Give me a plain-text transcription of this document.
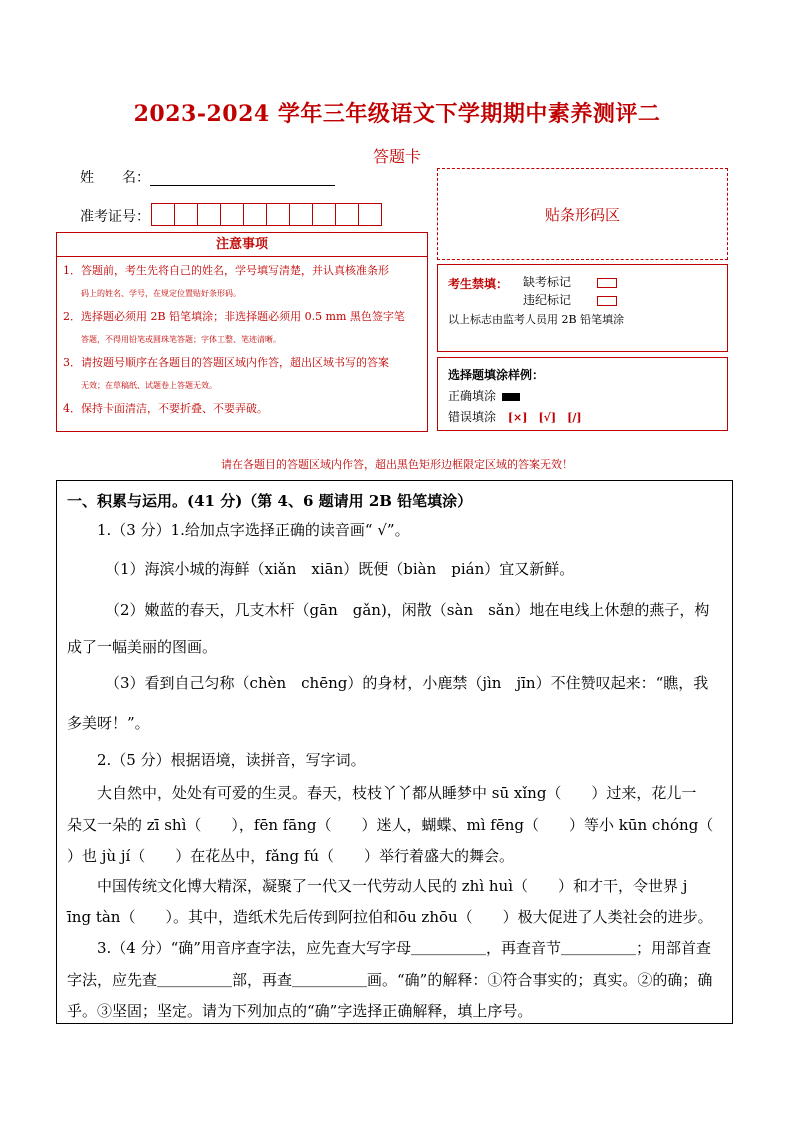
2023-2024 学年三年级语文下学期期中素养测评二
答题卡
姓　　名：
准考证号：	贴条形码区
注意事项
1．答题前，考生先将自己的姓名，学号填写清楚，并认真核准条形
码上的姓名、学号，在规定位置贴好条形码。
2．选择题必须用 2B 铅笔填涂；非选择题必须用 0.5 mm 黑色签字笔
答题，不得用铅笔或圆珠笔答题；字体工整、笔迹清晰。
3．请按题号顺序在各题目的答题区域内作答，超出区域书写的答案
无效；在草稿纸、试题卷上答题无效。
4．保持卡面清洁，不要折叠、不要弄破。
考生禁填： 缺考标记
违纪标记
以上标志由监考人员用 2B 铅笔填涂
选择题填涂样例：
正确填涂
错误填涂 [×]　[√]　[/]
请在各题目的答题区域内作答，超出黑色矩形边框限定区域的答案无效！
一、积累与运用。(41 分)（第 4、6 题请用 2B 铅笔填涂）
1.（3 分）1.给加点字选择正确的读音画“ √”。
（1）海滨小城的海鲜（xiǎn　xiān）既便（biàn　pián）宜又新鲜。
（2）嫩蓝的春天，几支木杆（gān　gǎn)，闲散（sàn　sǎn）地在电线上休憩的燕子，构
成了一幅美丽的图画。
（3）看到自己匀称（chèn　chēng）的身材，小鹿禁（jìn　jīn）不住赞叹起来：“瞧，我
多美呀！”。
2.（5 分）根据语境，读拼音，写字词。
大自然中，处处有可爱的生灵。春天，枝枝丫丫都从睡梦中 sū xǐng（　　）过来，花儿一
朵又一朵的 zī shì（　　），fēn fāng（　　）迷人，蝴蝶、mì fēng（　　）等小 kūn chóng（
）也 jù jí（　　）在花丛中，fǎng fú（　　）举行着盛大的舞会。
中国传统文化博大精深，凝聚了一代又一代劳动人民的 zhì huì（　　）和才干，令世界 j
īng tàn（　　）。其中，造纸术先后传到阿拉伯和ōu zhōu（　　）极大促进了人类社会的进步。
3.（4 分）“确”用音序查字法，应先查大写字母＿＿＿＿＿，再查音节＿＿＿＿＿；用部首查
字法，应先查＿＿＿＿＿部，再查＿＿＿＿＿画。“确”的解释：①符合事实的；真实。②的确；确
乎。③坚固；坚定。请为下列加点的“确”字选择正确解释，填上序号。
